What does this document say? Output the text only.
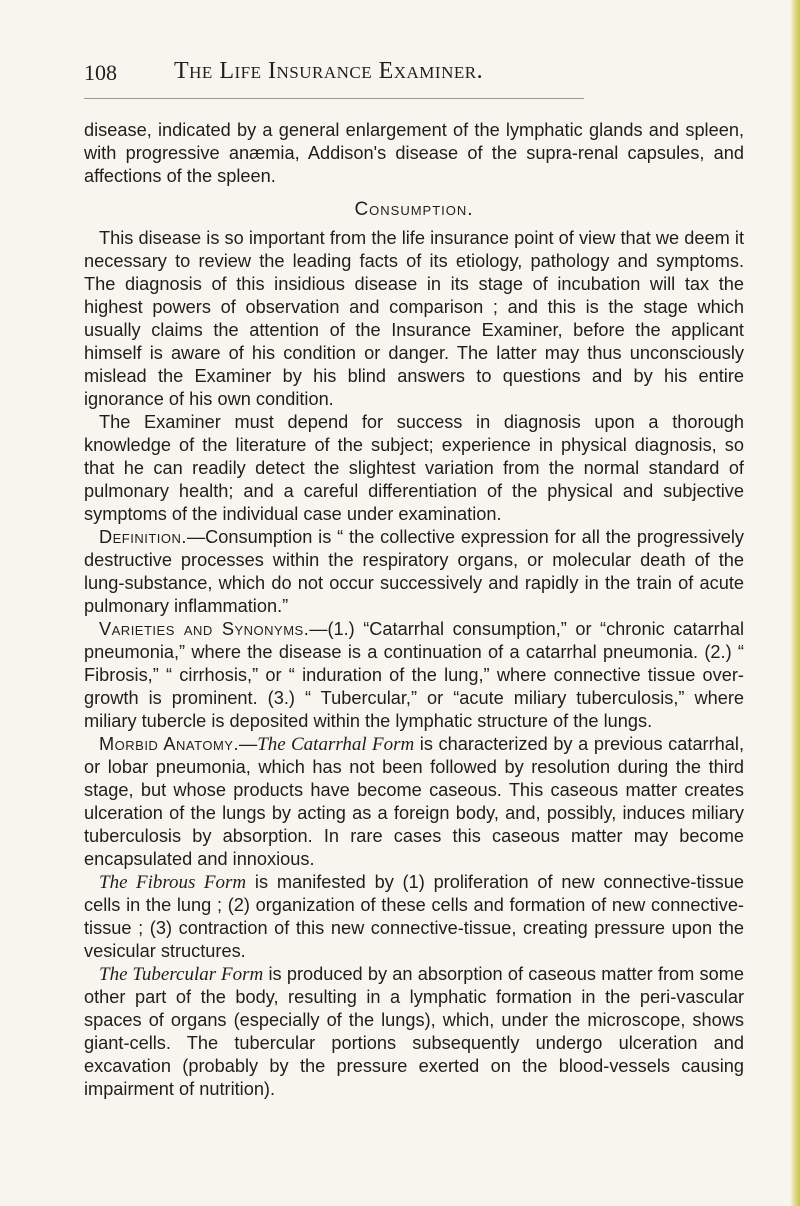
108 The Life Insurance Examiner.

disease, indicated by a general enlargement of the lymphatic glands and spleen, with progressive anæmia, Addison's disease of the supra-renal capsules, and affections of the spleen.

Consumption.

This disease is so important from the life insurance point of view that we deem it necessary to review the leading facts of its etiology, pathology and symptoms. The diagnosis of this insidious disease in its stage of incubation will tax the highest powers of observation and comparison ; and this is the stage which usually claims the attention of the Insurance Examiner, before the applicant himself is aware of his condition or danger. The latter may thus unconsciously mislead the Examiner by his blind answers to questions and by his entire ignorance of his own condition.

The Examiner must depend for success in diagnosis upon a thorough knowledge of the literature of the subject; experience in physical diagnosis, so that he can readily detect the slightest variation from the normal standard of pulmonary health; and a careful differentiation of the physical and subjective symptoms of the individual case under examination.

Definition.—Consumption is “ the collective expression for all the progressively destructive processes within the respiratory organs, or molecular death of the lung-substance, which do not occur successively and rapidly in the train of acute pulmonary inflammation.”

Varieties and Synonyms.—(1.) “Catarrhal consumption,” or “chronic catarrhal pneumonia,” where the disease is a continuation of a catarrhal pneumonia. (2.) “ Fibrosis,” “ cirrhosis,” or “ induration of the lung,” where connective tissue over-growth is prominent. (3.) “ Tubercular,” or “acute miliary tuberculosis,” where miliary tubercle is deposited within the lymphatic structure of the lungs.

Morbid Anatomy.—The Catarrhal Form is characterized by a previous catarrhal, or lobar pneumonia, which has not been followed by resolution during the third stage, but whose products have become caseous. This caseous matter creates ulceration of the lungs by acting as a foreign body, and, possibly, induces miliary tuberculosis by absorption. In rare cases this caseous matter may become encapsulated and innoxious.

The Fibrous Form is manifested by (1) proliferation of new connective-tissue cells in the lung ; (2) organization of these cells and formation of new connective-tissue ; (3) contraction of this new connective-tissue, creating pressure upon the vesicular structures.

The Tubercular Form is produced by an absorption of caseous matter from some other part of the body, resulting in a lymphatic formation in the peri-vascular spaces of organs (especially of the lungs), which, under the microscope, shows giant-cells. The tubercular portions subsequently undergo ulceration and excavation (probably by the pressure exerted on the blood-vessels causing impairment of nutrition).
